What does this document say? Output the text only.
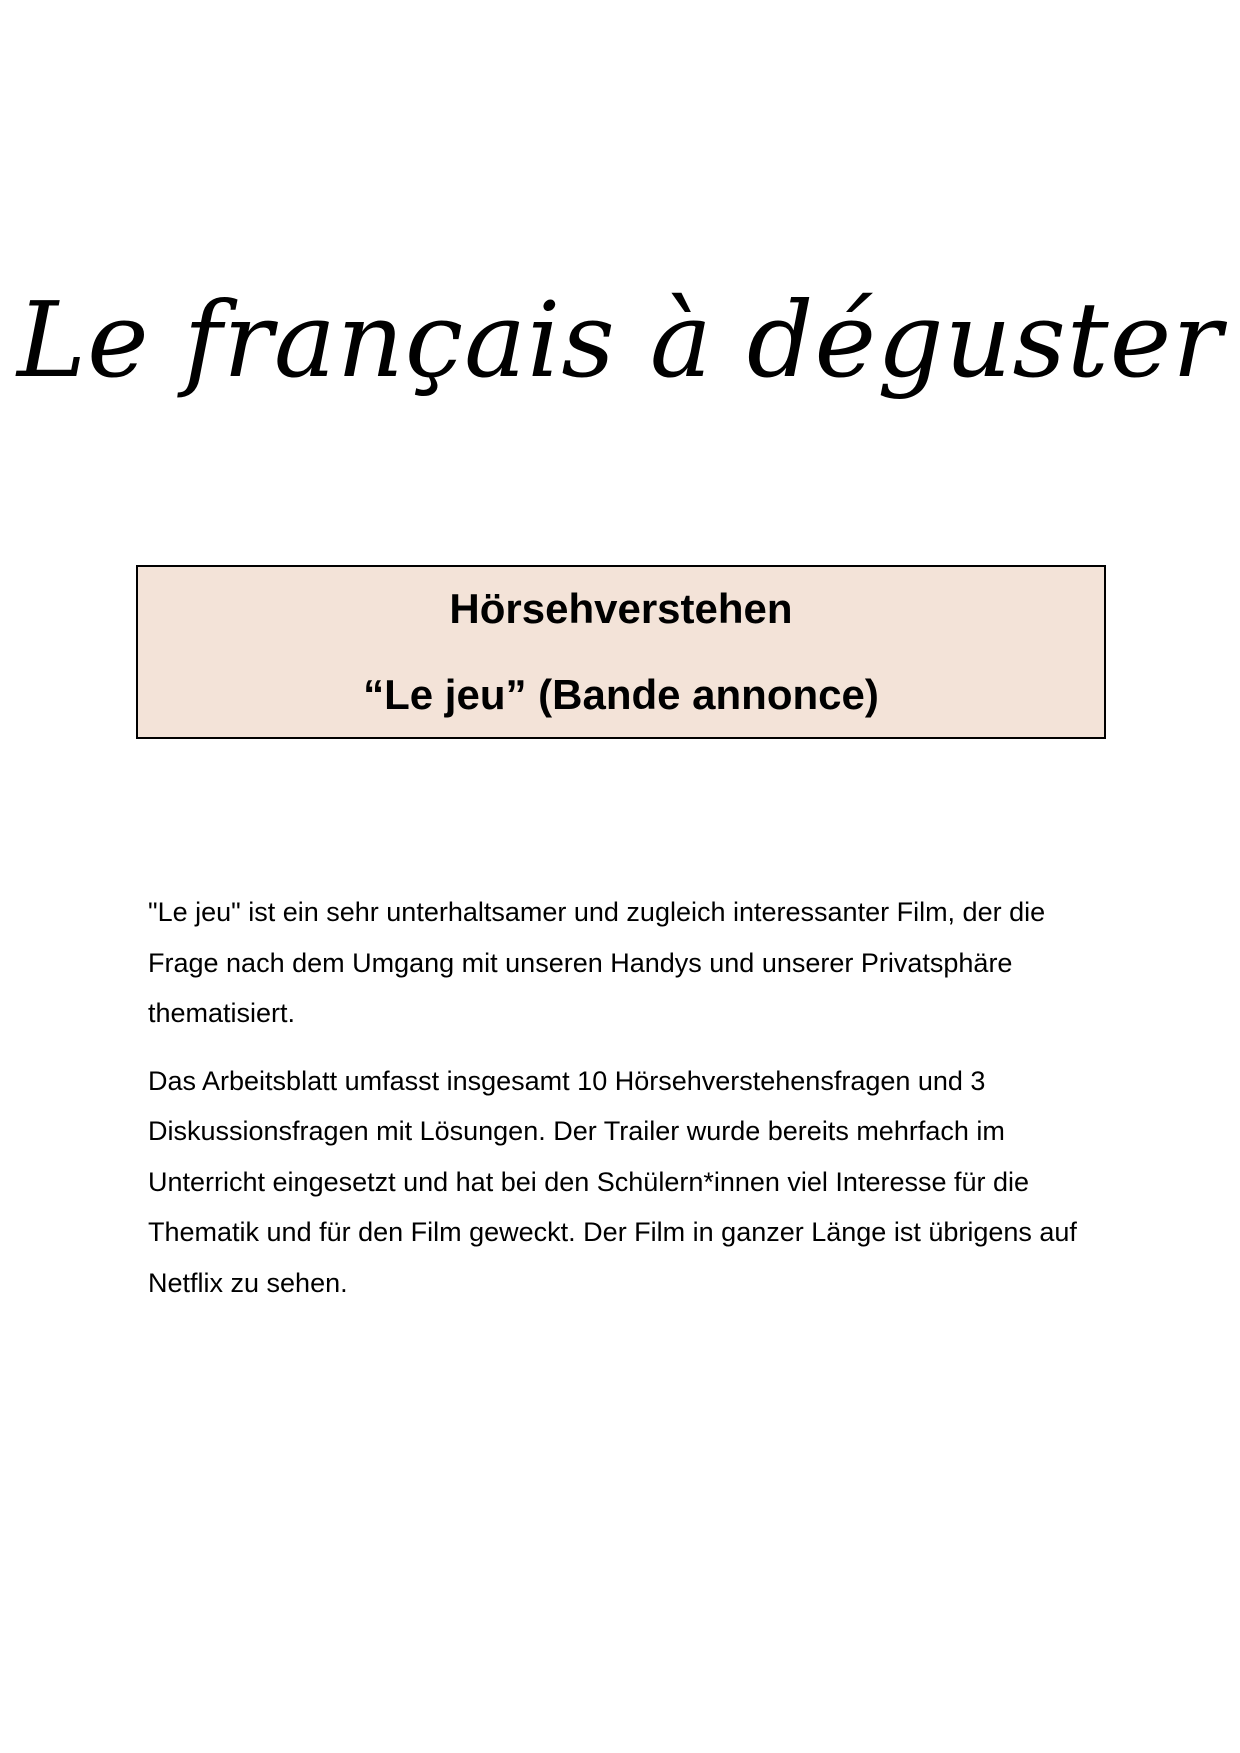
Le français à déguster
Hörsehverstehen
“Le jeu” (Bande annonce)

"Le jeu" ist ein sehr unterhaltsamer und zugleich interessanter Film, der die Frage nach dem Umgang mit unseren Handys und unserer Privatsphäre thematisiert.

Das Arbeitsblatt umfasst insgesamt 10 Hörsehverstehensfragen und 3 Diskussionsfragen mit Lösungen. Der Trailer wurde bereits mehrfach im Unterricht eingesetzt und hat bei den Schülern*innen viel Interesse für die Thematik und für den Film geweckt. Der Film in ganzer Länge ist übrigens auf Netflix zu sehen.
